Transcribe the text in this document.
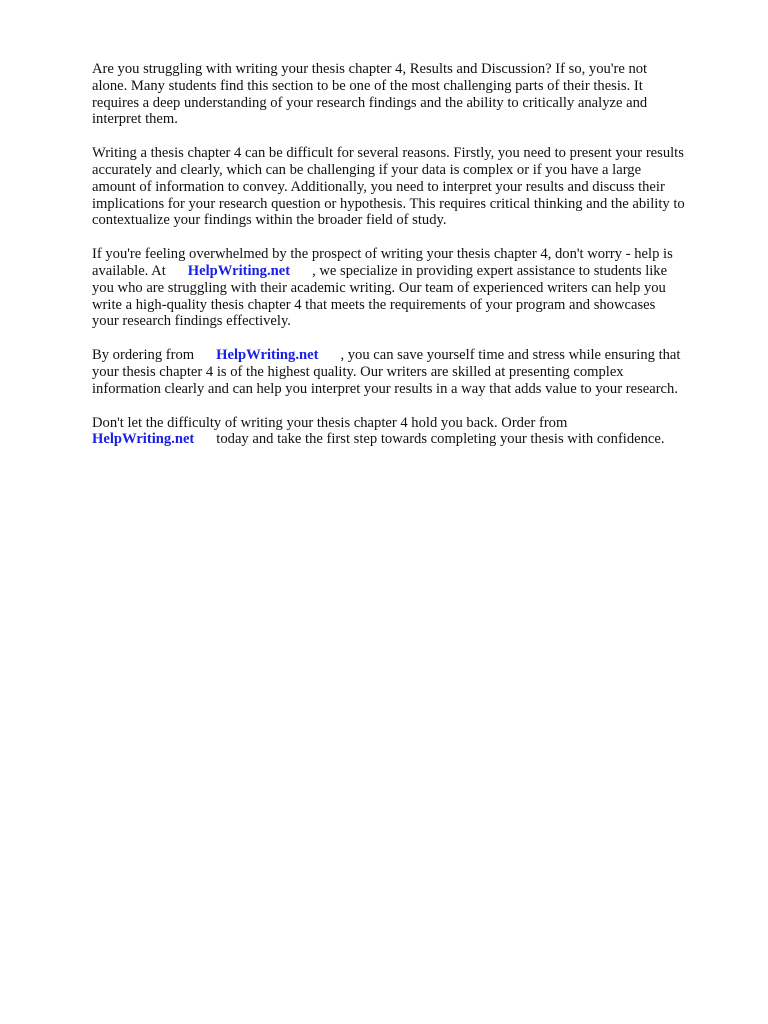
Are you struggling with writing your thesis chapter 4, Results and Discussion? If so, you're not
alone. Many students find this section to be one of the most challenging parts of their thesis. It
requires a deep understanding of your research findings and the ability to critically analyze and
interpret them.

Writing a thesis chapter 4 can be difficult for several reasons. Firstly, you need to present your results
accurately and clearly, which can be challenging if your data is complex or if you have a large
amount of information to convey. Additionally, you need to interpret your results and discuss their
implications for your research question or hypothesis. This requires critical thinking and the ability to
contextualize your findings within the broader field of study.

If you're feeling overwhelmed by the prospect of writing your thesis chapter 4, don't worry - help is
available. At HelpWriting.net , we specialize in providing expert assistance to students like
you who are struggling with their academic writing. Our team of experienced writers can help you
write a high-quality thesis chapter 4 that meets the requirements of your program and showcases
your research findings effectively.

By ordering from HelpWriting.net , you can save yourself time and stress while ensuring that
your thesis chapter 4 is of the highest quality. Our writers are skilled at presenting complex
information clearly and can help you interpret your results in a way that adds value to your research.

Don't let the difficulty of writing your thesis chapter 4 hold you back. Order from
HelpWriting.net today and take the first step towards completing your thesis with confidence.
